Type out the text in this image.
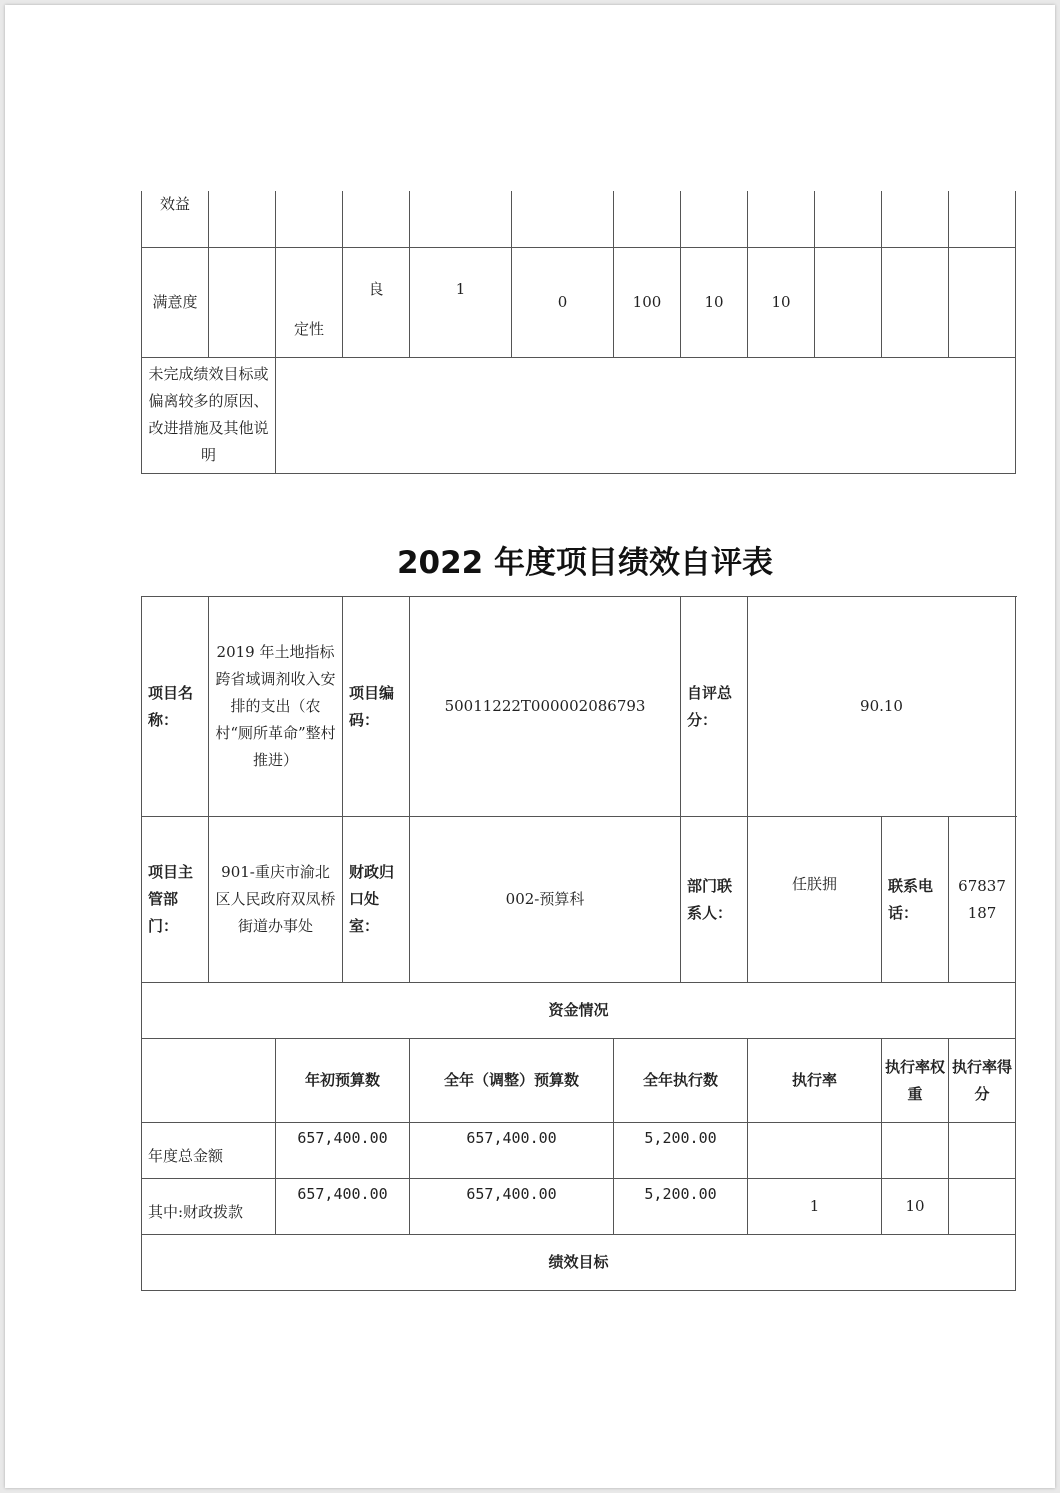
效益											
满意度		定性	良	1	0	100	10	10			
未完成绩效目标或偏离较多的原因、改进措施及其他说明											
2022 年度项目绩效自评表
项目名称：	2019 年土地指标跨省域调剂收入安排的支出（农村“厕所革命”整村推进）		项目编码：	50011222T000002086793		自评总分：	90.10		
项目主管部门：	901-重庆市渝北区人民政府双凤桥街道办事处		财政归口处室：	002-预算科		部门联系人：	任朕拥	联系电话：	67837187
资金情况									
		年初预算数		全年（调整）预算数	全年执行数		执行率	执行率权重	执行率得分
年度总金额		657,400.00		657,400.00	5,200.00				
其中:财政拨款		657,400.00		657,400.00	5,200.00		1	10	
绩效目标									
